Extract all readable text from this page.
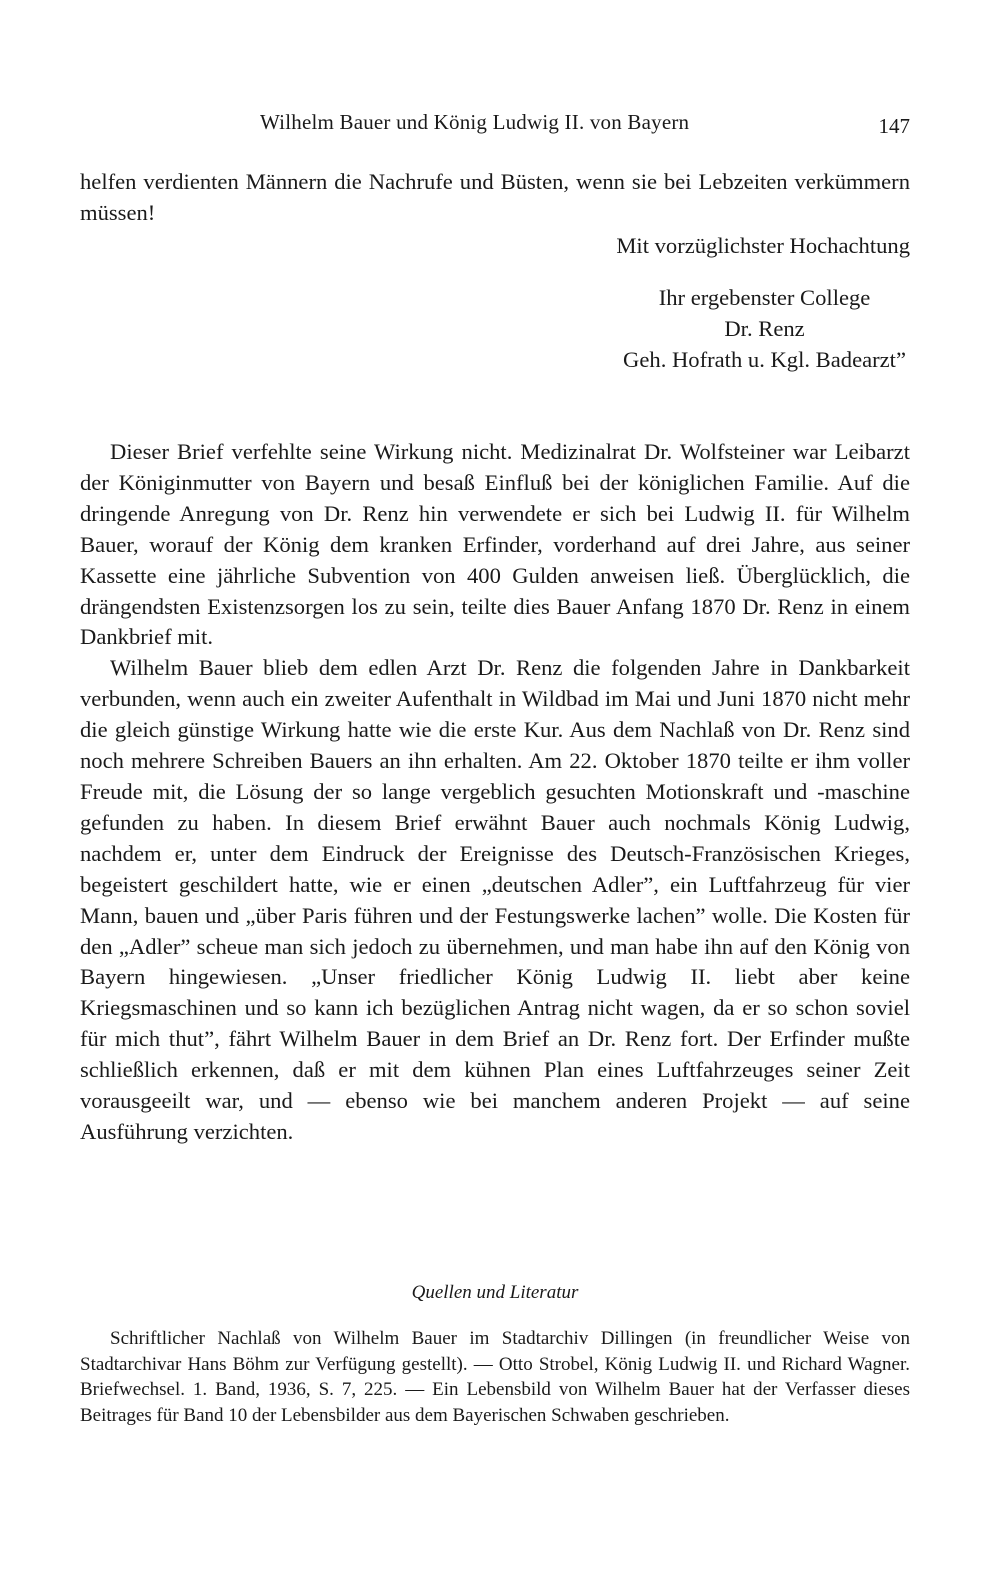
Wilhelm Bauer und König Ludwig II. von Bayern	147

helfen verdienten Männern die Nachrufe und Büsten, wenn sie bei Lebzeiten verkümmern müssen!

Mit vorzüglichster Hochachtung
Ihr ergebenster College
Dr. Renz
Geh. Hofrath u. Kgl. Badearzt”

Dieser Brief verfehlte seine Wirkung nicht. Medizinalrat Dr. Wolfsteiner war Leibarzt der Königinmutter von Bayern und besaß Einfluß bei der königlichen Familie. Auf die dringende Anregung von Dr. Renz hin verwendete er sich bei Ludwig II. für Wilhelm Bauer, worauf der König dem kranken Erfinder, vorderhand auf drei Jahre, aus seiner Kassette eine jährliche Subvention von 400 Gulden anweisen ließ. Überglücklich, die drängendsten Existenzsorgen los zu sein, teilte dies Bauer Anfang 1870 Dr. Renz in einem Dankbrief mit.

Wilhelm Bauer blieb dem edlen Arzt Dr. Renz die folgenden Jahre in Dankbarkeit verbunden, wenn auch ein zweiter Aufenthalt in Wildbad im Mai und Juni 1870 nicht mehr die gleich günstige Wirkung hatte wie die erste Kur. Aus dem Nachlaß von Dr. Renz sind noch mehrere Schreiben Bauers an ihn erhalten. Am 22. Oktober 1870 teilte er ihm voller Freude mit, die Lösung der so lange vergeblich gesuchten Motionskraft und -maschine gefunden zu haben. In diesem Brief erwähnt Bauer auch nochmals König Ludwig, nachdem er, unter dem Eindruck der Ereignisse des Deutsch-Französischen Krieges, begeistert geschildert hatte, wie er einen „deutschen Adler”, ein Luftfahrzeug für vier Mann, bauen und „über Paris führen und der Festungswerke lachen” wolle. Die Kosten für den „Adler” scheue man sich jedoch zu übernehmen, und man habe ihn auf den König von Bayern hingewiesen. „Unser friedlicher König Ludwig II. liebt aber keine Kriegsmaschinen und so kann ich bezüglichen Antrag nicht wagen, da er so schon soviel für mich thut”, fährt Wilhelm Bauer in dem Brief an Dr. Renz fort. Der Erfinder mußte schließlich erkennen, daß er mit dem kühnen Plan eines Luftfahrzeuges seiner Zeit vorausgeeilt war, und — ebenso wie bei manchem anderen Projekt — auf seine Ausführung verzichten.

Quellen und Literatur

Schriftlicher Nachlaß von Wilhelm Bauer im Stadtarchiv Dillingen (in freundlicher Weise von Stadtarchivar Hans Böhm zur Verfügung gestellt). — Otto Strobel, König Ludwig II. und Richard Wagner. Briefwechsel. 1. Band, 1936, S. 7, 225. — Ein Lebensbild von Wilhelm Bauer hat der Verfasser dieses Beitrages für Band 10 der Lebensbilder aus dem Bayerischen Schwaben geschrieben.
